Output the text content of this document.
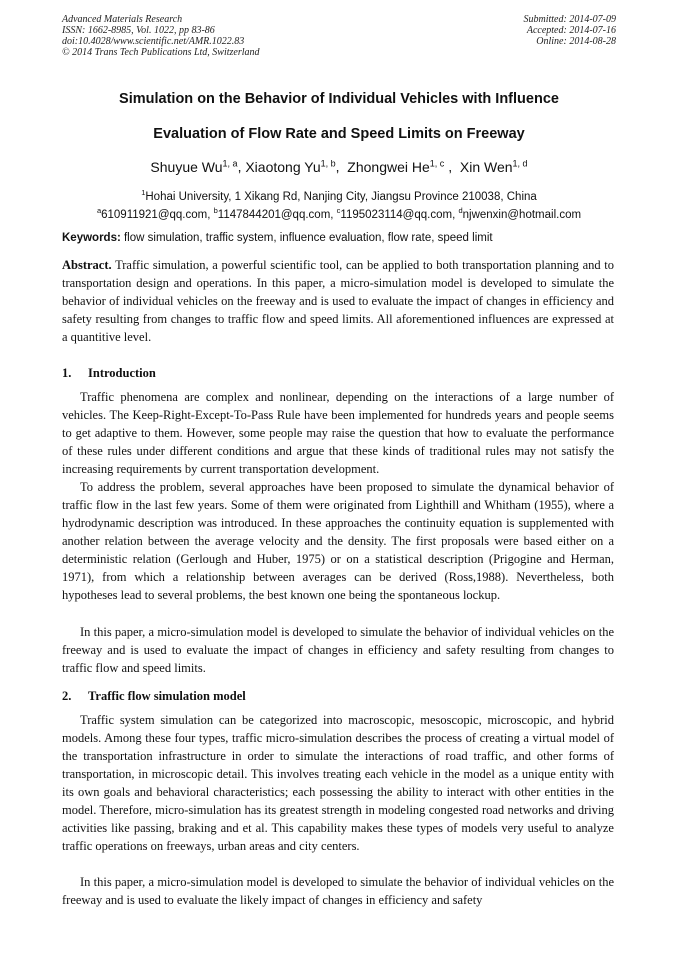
Advanced Materials Research
ISSN: 1662-8985, Vol. 1022, pp 83-86
doi:10.4028/www.scientific.net/AMR.1022.83
© 2014 Trans Tech Publications Ltd, Switzerland
Submitted: 2014-07-09
Accepted: 2014-07-16
Online: 2014-08-28
Simulation on the Behavior of Individual Vehicles with Influence
Evaluation of Flow Rate and Speed Limits on Freeway
Shuyue Wu$^{1, a}$, Xiaotong Yu$^{1, b}$,  Zhongwei He$^{1, c}$ ,  Xin Wen$^{1, d}$
$^1$Hohai University, 1 Xikang Rd, Nanjing City, Jiangsu Province 210038, China
$^a$610911921@qq.com, $^b$1147844201@qq.com, $^c$1195023114@qq.com, $^d$njwenxin@hotmail.com
Keywords: flow simulation, traffic system, influence evaluation, flow rate, speed limit
Abstract. Traffic simulation, a powerful scientific tool, can be applied to both transportation planning and to transportation design and operations. In this paper, a micro-simulation model is developed to simulate the behavior of individual vehicles on the freeway and is used to evaluate the impact of changes in efficiency and safety resulting from changes to traffic flow and speed limits. All aforementioned influences are expressed at a quantitive level.
1. Introduction
Traffic phenomena are complex and nonlinear, depending on the interactions of a large number of vehicles. The Keep-Right-Except-To-Pass Rule have been implemented for hundreds years and people seems to get adaptive to them. However, some people may raise the question that how to evaluate the performance of these rules under different conditions and argue that these kinds of traditional rules may not satisfy the increasing requirements by current transportation development.
To address the problem, several approaches have been proposed to simulate the dynamical behavior of traffic flow in the last few years. Some of them were originated from Lighthill and Whitham (1955), where a hydrodynamic description was introduced. In these approaches the continuity equation is supplemented with another relation between the average velocity and the density. The first proposals were based either on a deterministic relation (Gerlough and Huber, 1975) or on a statistical description (Prigogine and Herman, 1971), from which a relationship between averages can be derived (Ross,1988). Nevertheless, both hypotheses lead to several problems, the best known one being the spontaneous lockup.
In this paper, a micro-simulation model is developed to simulate the behavior of individual vehicles on the freeway and is used to evaluate the impact of changes in efficiency and safety resulting from changes to traffic flow and speed limits.
2. Traffic flow simulation model
Traffic system simulation can be categorized into macroscopic, mesoscopic, microscopic, and hybrid models. Among these four types, traffic micro-simulation describes the process of creating a virtual model of the transportation infrastructure in order to simulate the interactions of road traffic, and other forms of transportation, in microscopic detail. This involves treating each vehicle in the model as a unique entity with its own goals and behavioral characteristics; each possessing the ability to interact with other entities in the model. Therefore, micro-simulation has its greatest strength in modeling congested road networks and driving activities like passing, braking and et al. This capability makes these types of models very useful to analyze traffic operations on freeways, urban areas and city centers.
In this paper, a micro-simulation model is developed to simulate the behavior of individual vehicles on the freeway and is used to evaluate the likely impact of changes in efficiency and safety
